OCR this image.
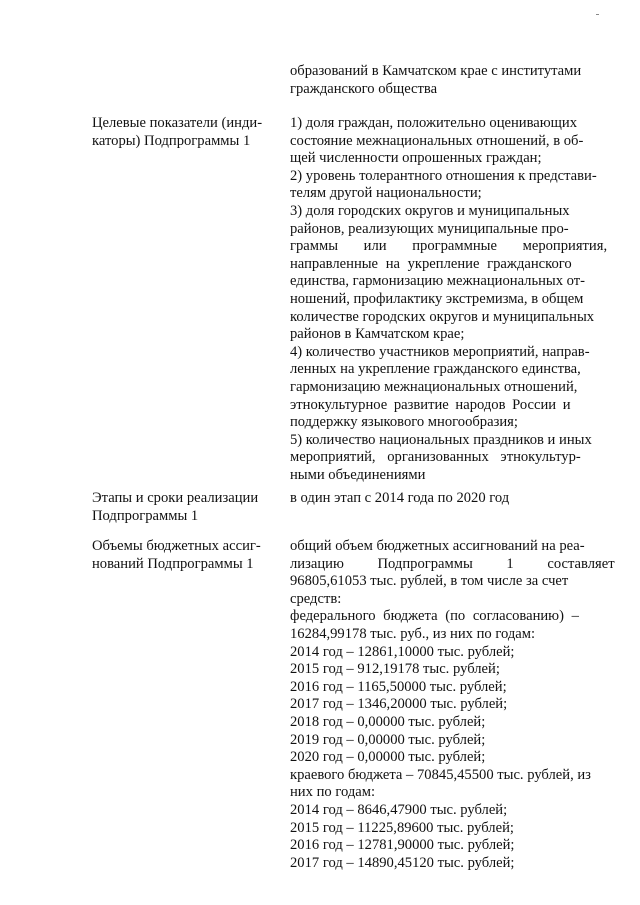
образований в Камчатском крае с институтами
гражданского общества
Целевые показатели (инди-
каторы) Подпрограммы 1
1) доля граждан, положительно оценивающих
состояние межнациональных отношений, в об-
щей численности опрошенных граждан;
2) уровень толерантного отношения к представи-
телям другой национальности;
3) доля городских округов и муниципальных
районов, реализующих муниципальные про-
граммы или программные мероприятия,
направленные на укрепление гражданского
единства, гармонизацию межнациональных от-
ношений, профилактику экстремизма, в общем
количестве городских округов и муниципальных
районов в Камчатском крае;
4) количество участников мероприятий, направ-
ленных на укрепление гражданского единства,
гармонизацию межнациональных отношений,
этнокультурное развитие народов России и
поддержку языкового многообразия;
5) количество национальных праздников и иных
мероприятий, организованных этнокультур-
ными объединениями
Этапы и сроки реализации
Подпрограммы 1
в один этап с 2014 года по 2020 год
Объемы бюджетных ассиг-
нований Подпрограммы 1
общий объем бюджетных ассигнований на реа-
лизацию Подпрограммы 1 составляет
96805,61053 тыс. рублей, в том числе за счет
средств:
федерального бюджета (по согласованию) –
16284,99178 тыс. руб., из них по годам:
2014 год – 12861,10000 тыс. рублей;
2015 год – 912,19178 тыс. рублей;
2016 год – 1165,50000 тыс. рублей;
2017 год – 1346,20000 тыс. рублей;
2018 год – 0,00000 тыс. рублей;
2019 год – 0,00000 тыс. рублей;
2020 год – 0,00000 тыс. рублей;
краевого бюджета – 70845,45500 тыс. рублей, из
них по годам:
2014 год – 8646,47900 тыс. рублей;
2015 год – 11225,89600 тыс. рублей;
2016 год – 12781,90000 тыс. рублей;
2017 год – 14890,45120 тыс. рублей;
